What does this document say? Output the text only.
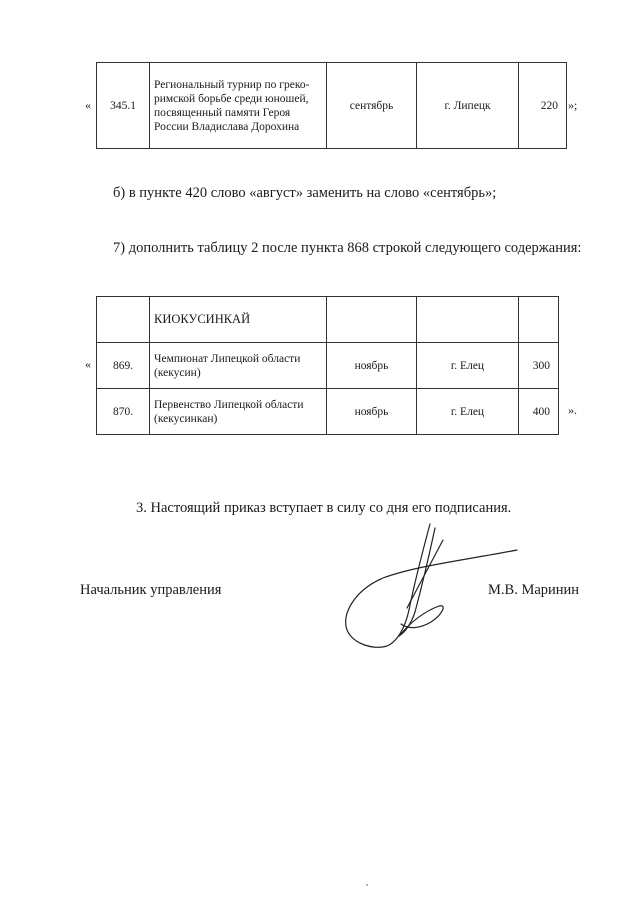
« 345.1	Региональный турнир по греко-римской борьбе среди юношей, посвященный памяти Героя России Владислава Дорохина	сентябрь	г. Липецк	220 »;
б) в пункте 420 слово «август» заменить на слово «сентябрь»;
7) дополнить таблицу 2 после пункта 868 строкой следующего содержания:
	КИОКУСИНКАЙ			
869.	Чемпионат Липецкой области (кекусин)	ноябрь	г. Елец	300
870.	Первенство Липецкой области (кекусинкан)	ноябрь	г. Елец	400
«
».
3. Настоящий приказ вступает в силу со дня его подписания.
Начальник управления	М.В. Маринин
